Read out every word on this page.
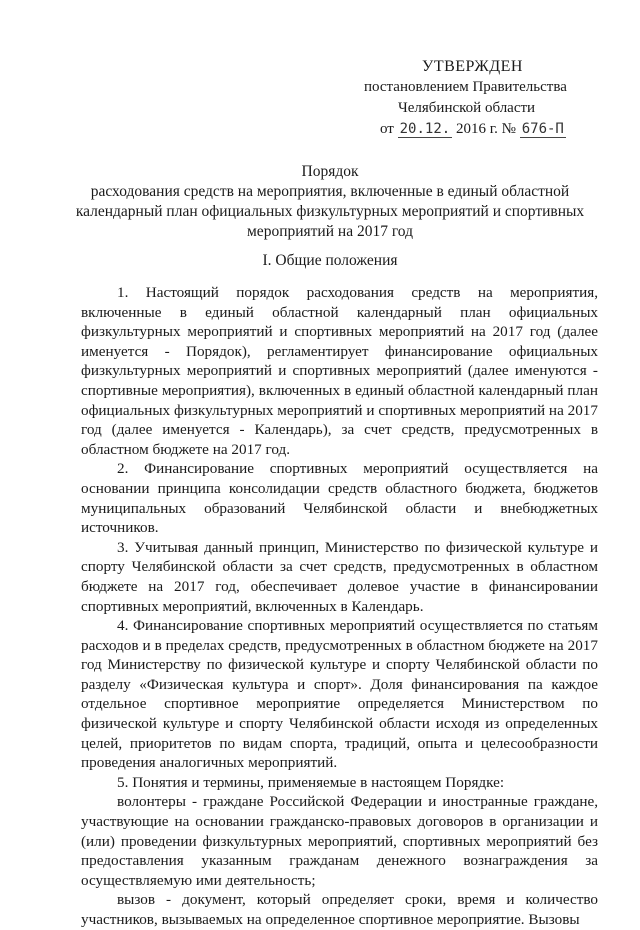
УТВЕРЖДЕН
постановлением Правительства
Челябинской области
от 20.12. 2016 г. № 676-П
Порядок
расходования средств на мероприятия, включенные в единый областной
календарный план официальных физкультурных мероприятий и спортивных
мероприятий на 2017 год
I. Общие положения

1. Настоящий порядок расходования средств на мероприятия, включенные в единый областной календарный план официальных физкультурных мероприятий и спортивных мероприятий на 2017 год (далее именуется - Порядок), регламентирует финансирование официальных физкультурных мероприятий и спортивных мероприятий (далее именуются - спортивные мероприятия), включенных в единый областной календарный план официальных физкультурных мероприятий и спортивных мероприятий на 2017 год (далее именуется - Календарь), за счет средств, предусмотренных в областном бюджете на 2017 год.

2. Финансирование спортивных мероприятий осуществляется на основании принципа консолидации средств областного бюджета, бюджетов муниципальных образований Челябинской области и внебюджетных источников.

3. Учитывая данный принцип, Министерство по физической культуре и спорту Челябинской области за счет средств, предусмотренных в областном бюджете на 2017 год, обеспечивает долевое участие в финансировании спортивных мероприятий, включенных в Календарь.

4. Финансирование спортивных мероприятий осуществляется по статьям расходов и в пределах средств, предусмотренных в областном бюджете на 2017 год Министерству по физической культуре и спорту Челябинской области по разделу «Физическая культура и спорт». Доля финансирования па каждое отдельное спортивное мероприятие определяется Министерством по физической культуре и спорту Челябинской области исходя из определенных целей, приоритетов по видам спорта, традиций, опыта и целесообразности проведения аналогичных мероприятий.

5. Понятия и термины, применяемые в настоящем Порядке:

волонтеры - граждане Российской Федерации и иностранные граждане, участвующие на основании гражданско-правовых договоров в организации и (или) проведении физкультурных мероприятий, спортивных мероприятий без предоставления указанным гражданам денежного вознаграждения за осуществляемую ими деятельность;

вызов - документ, который определяет сроки, время и количество участников, вызываемых на определенное спортивное мероприятие. Вызовы
